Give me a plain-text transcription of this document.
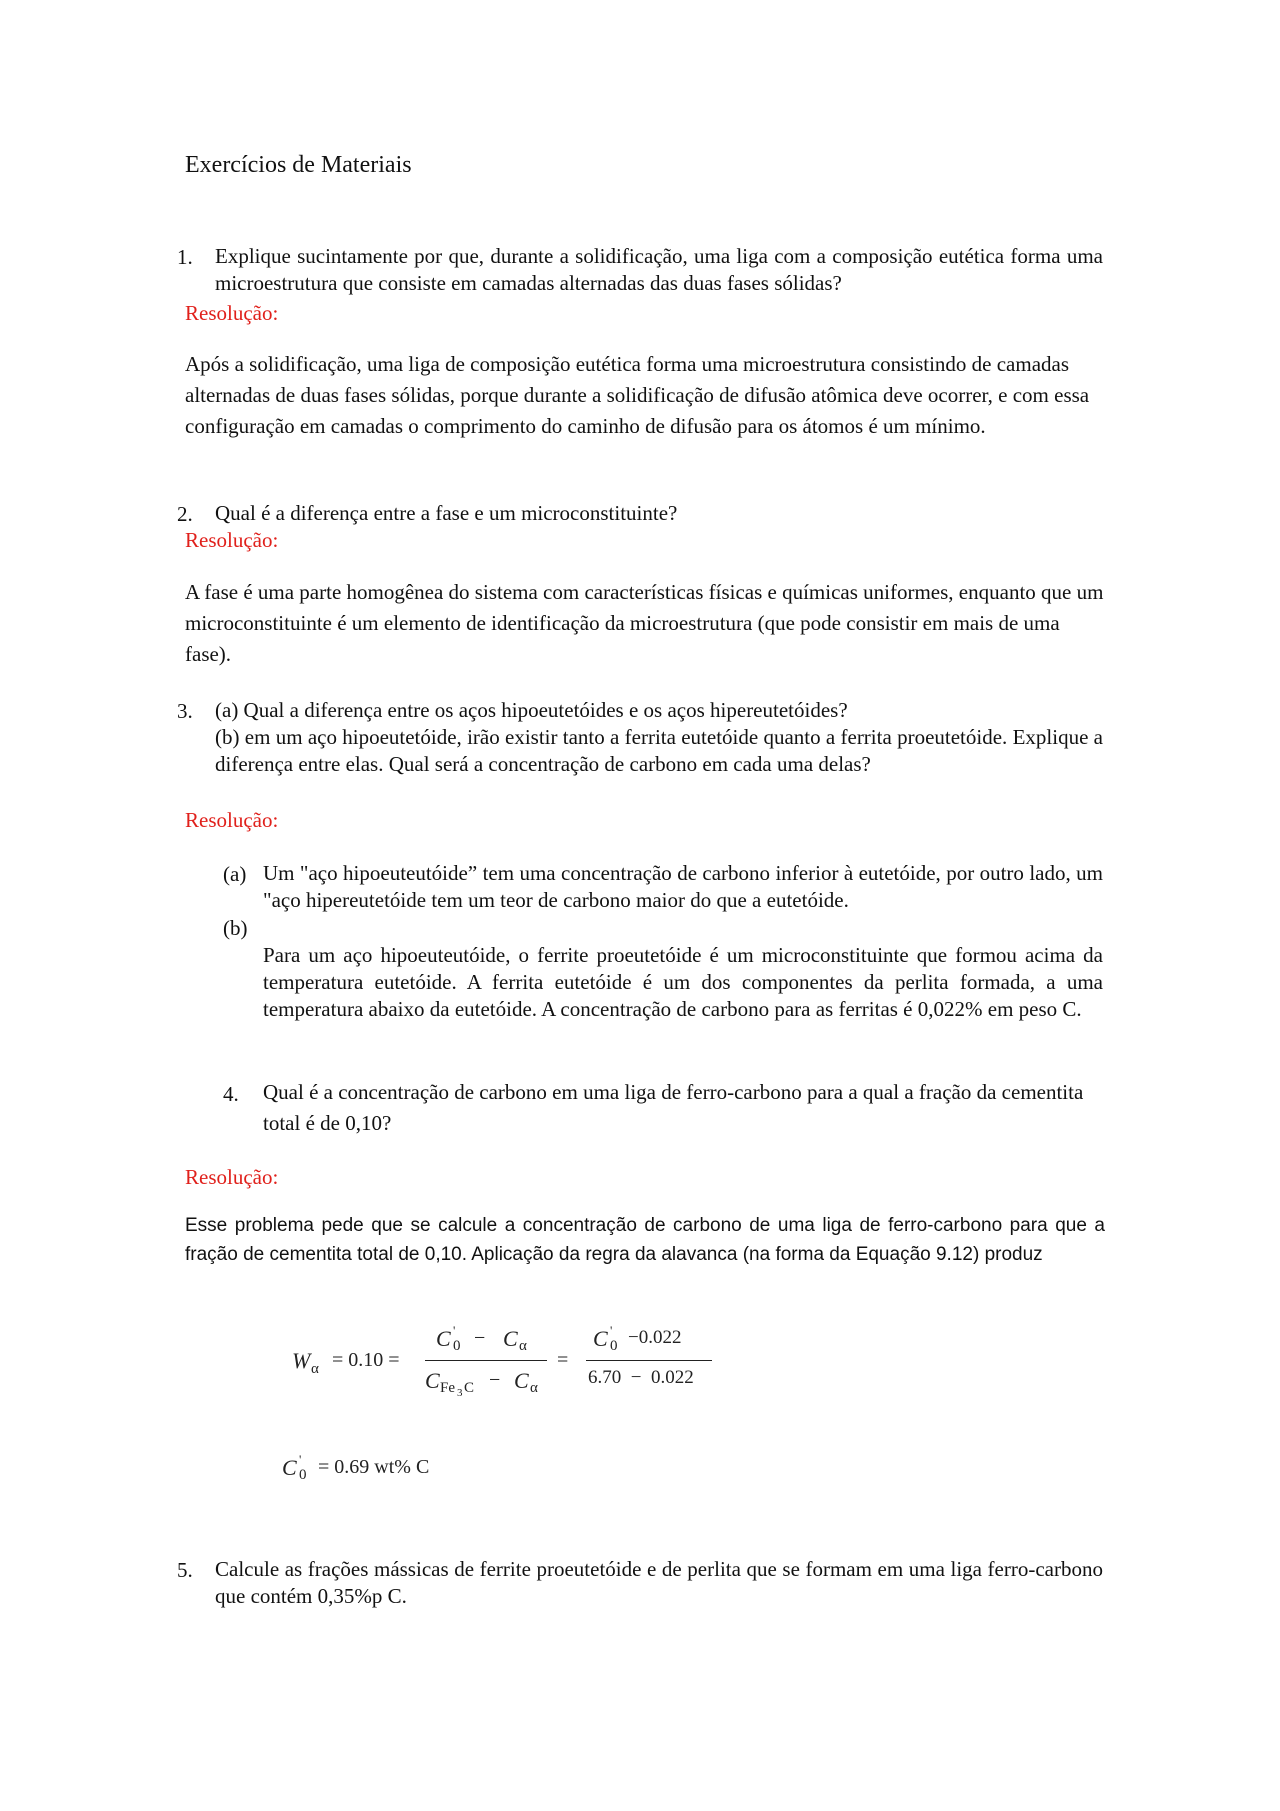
Exercícios de Materiais
1. Explique sucintamente por que, durante a solidificação, uma liga com a composição eutética forma uma microestrutura que consiste em camadas alternadas das duas fases sólidas?
Resolução:
Após a solidificação, uma liga de composição eutética forma uma microestrutura consistindo de camadas alternadas de duas fases sólidas, porque durante a solidificação de difusão atômica deve ocorrer, e com essa configuração em camadas o comprimento do caminho de difusão para os átomos é um mínimo.
2. Qual é a diferença entre a fase e um microconstituinte?
Resolução:
A fase é uma parte homogênea do sistema com características físicas e químicas uniformes, enquanto que um microconstituinte é um elemento de identificação da microestrutura (que pode consistir em mais de uma fase).
3. (a) Qual a diferença entre os aços hipoeutetóides e os aços hipereutetóides?
(b) em um aço hipoeutetóide, irão existir tanto a ferrita eutetóide quanto a ferrita proeutetóide. Explique a diferença entre elas. Qual será a concentração de carbono em cada uma delas?
Resolução:
(a) Um "aço hipoeuteutóide” tem uma concentração de carbono inferior à eutetóide, por outro lado, um "aço hipereutetóide tem um teor de carbono maior do que a eutetóide.
(b)
Para um aço hipoeuteutóide, o ferrite proeutetóide é um microconstituinte que formou acima da temperatura eutetóide. A ferrita eutetóide é um dos componentes da perlita formada, a uma temperatura abaixo da eutetóide. A concentração de carbono para as ferritas é 0,022% em peso C.
4. Qual é a concentração de carbono em uma liga de ferro-carbono para a qual a fração da cementita total é de 0,10?
Resolução:
Esse problema pede que se calcule a concentração de carbono de uma liga de ferro-carbono para que a fração de cementita total de 0,10. Aplicação da regra da alavanca (na forma da Equação 9.12) produz
W α = 0.10 =
C '
0 − C α
C Fe 3 C − C α
=
C '
0 −0.022
6.70  −  0.022
C '
0 = 0.69 wt% C
5. Calcule as frações mássicas de ferrite proeutetóide e de perlita que se formam em uma liga ferro-carbono que contém 0,35%p C.
